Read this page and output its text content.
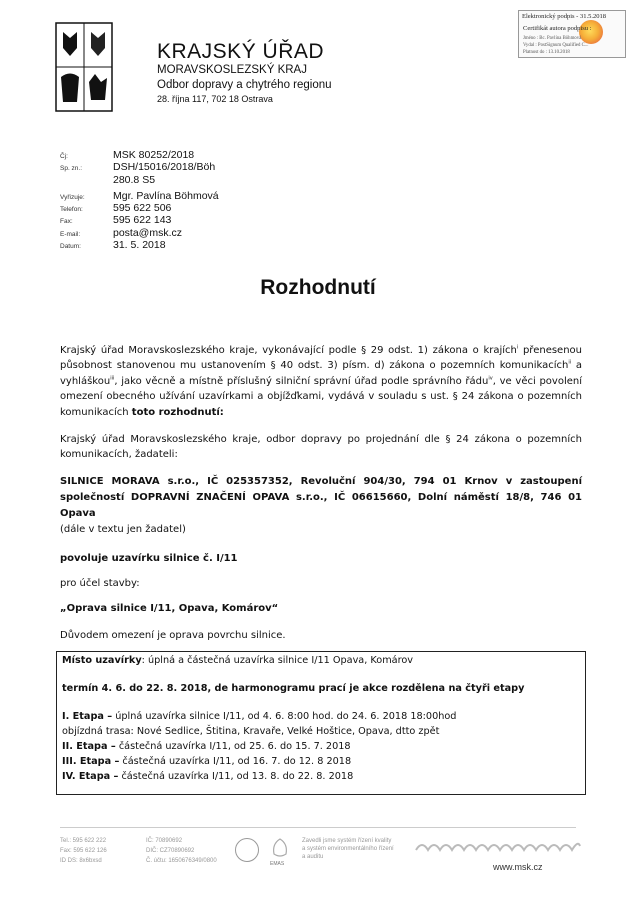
KRAJSKÝ ÚŘAD
MORAVSKOSLEZSKÝ KRAJ
Odbor dopravy a chytrého regionu
28. října 117, 702 18 Ostrava
Elektronický podpis - 31.5.2018
Certifikát autora podpisu :
Jméno : Bc. Pavlína Böhmová
Vydal : PostSignum Qualified C...
Platnost do : 13.10.2018
Čj:	MSK 80252/2018
Sp. zn.:	DSH/15016/2018/Böh
280.8 S5
Vyřizuje:	Mgr. Pavlína Böhmová
Telefon:	595 622 506
Fax:	595 622 143
E-mail:	posta@msk.cz
Datum:	31. 5. 2018
Rozhodnutí
Krajský úřad Moravskoslezského kraje, vykonávající podle § 29 odst. 1) zákona o krajích$^i$ přenesenou působnost stanovenou mu ustanovením § 40 odst. 3) písm. d) zákona o pozemních komunikacích$^{ii}$ a vyhláškou$^{iii}$, jako věcně a místně příslušný silniční správní úřad podle správního řádu$^{iv}$, ve věci povolení omezení obecného užívání uzavírkami a objížďkami, vydává v souladu s ust. § 24 zákona o pozemních komunikacích toto rozhodnutí:
Krajský úřad Moravskoslezského kraje, odbor dopravy po projednání dle § 24 zákona o pozemních komunikacích, žadateli:
SILNICE MORAVA s.r.o., IČ 025357352, Revoluční 904/30, 794 01 Krnov v zastoupení společností DOPRAVNÍ ZNAČENÍ OPAVA s.r.o., IČ 06615660, Dolní náměstí 18/8, 746 01 Opava
(dále v textu jen žadatel)
povoluje uzavírku silnice č. I/11
pro účel stavby:
„Oprava silnice I/11, Opava, Komárov“
Důvodem omezení je oprava povrchu silnice.
Místo uzavírky: úplná a částečná uzavírka silnice I/11 Opava, Komárov
termín 4. 6. do 22. 8. 2018, de harmonogramu prací je akce rozdělena na čtyři etapy
I. Etapa – úplná uzavírka silnice I/11, od 4. 6. 8:00 hod. do 24. 6. 2018 18:00hod
objízdná trasa: Nové Sedlice, Štitina, Kravaře, Velké Hoštice, Opava, dtto zpět
II. Etapa – částečná uzavírka I/11, od 25. 6. do 15. 7. 2018
III. Etapa – částečná uzavírka I/11, od 16. 7. do 12. 8 2018
IV. Etapa – částečná uzavírka I/11, od 13. 8. do 22. 8. 2018
Tel.: 595 622 222
Fax: 595 622 126
ID DS: 8x6bxsd
IČ: 70890692
DIČ: CZ70890692
Č. účtu: 1650676349/0800	EMAS
Zavedli jsme systém řízení kvality
a systém environmentálního řízení
a auditu
www.msk.cz
